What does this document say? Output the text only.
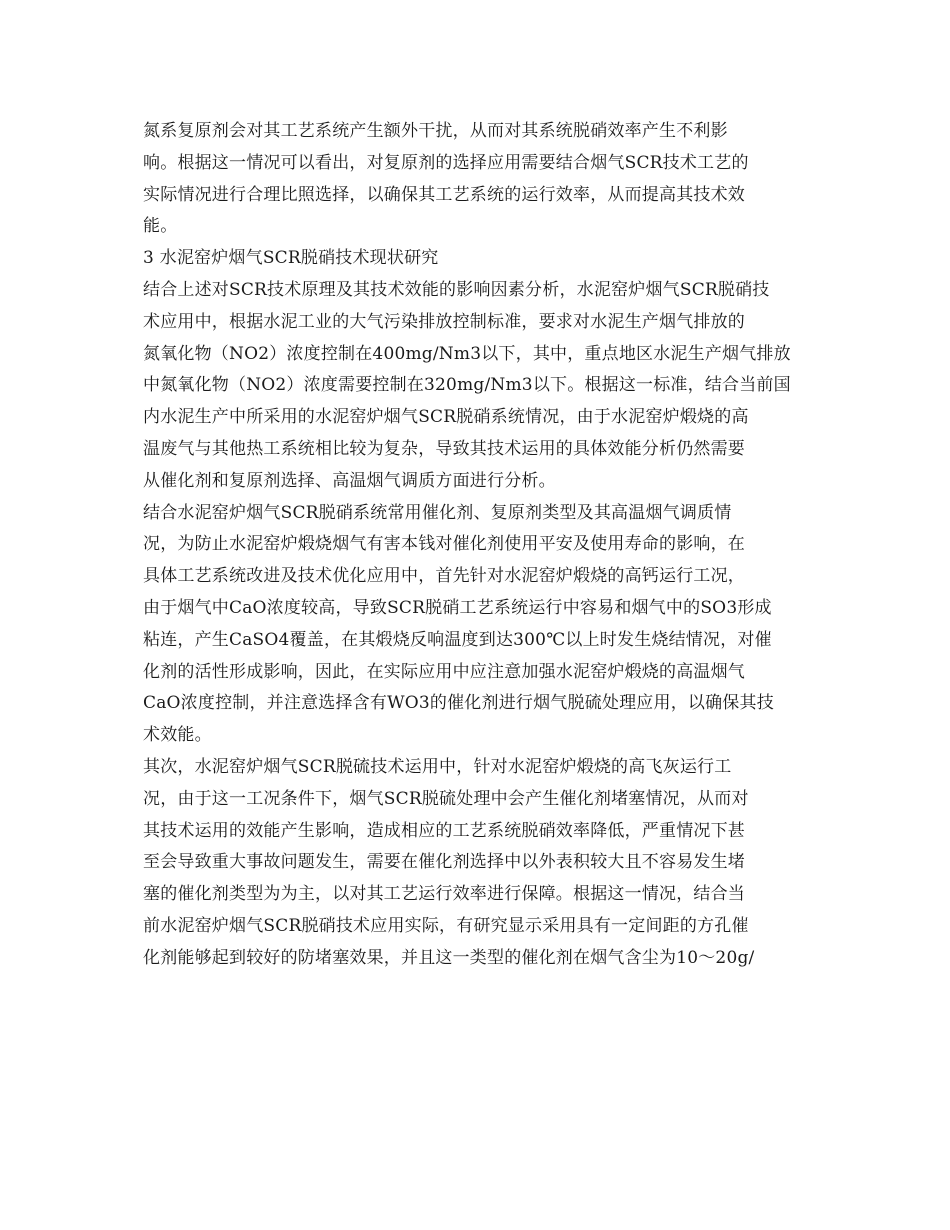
氮系复原剂会对其工艺系统产生额外干扰，从而对其系统脱硝效率产生不利影
响。根据这一情况可以看出，对复原剂的选择应用需要结合烟气SCR技术工艺的
实际情况进行合理比照选择，以确保其工艺系统的运行效率，从而提高其技术效
能。
3 水泥窑炉烟气SCR脱硝技术现状研究
结合上述对SCR技术原理及其技术效能的影响因素分析，水泥窑炉烟气SCR脱硝技
术应用中，根据水泥工业的大气污染排放控制标准，要求对水泥生产烟气排放的
氮氧化物（NO2）浓度控制在400mg/Nm3以下，其中，重点地区水泥生产烟气排放
中氮氧化物（NO2）浓度需要控制在320mg/Nm3以下。根据这一标准，结合当前国
内水泥生产中所采用的水泥窑炉烟气SCR脱硝系统情况，由于水泥窑炉煅烧的高
温废气与其他热工系统相比较为复杂，导致其技术运用的具体效能分析仍然需要
从催化剂和复原剂选择、高温烟气调质方面进行分析。
结合水泥窑炉烟气SCR脱硝系统常用催化剂、复原剂类型及其高温烟气调质情
况，为防止水泥窑炉煅烧烟气有害本钱对催化剂使用平安及使用寿命的影响，在
具体工艺系统改进及技术优化应用中，首先针对水泥窑炉煅烧的高钙运行工况，
由于烟气中CaO浓度较高，导致SCR脱硝工艺系统运行中容易和烟气中的SO3形成
粘连，产生CaSO4覆盖，在其煅烧反响温度到达300℃以上时发生烧结情况，对催
化剂的活性形成影响，因此，在实际应用中应注意加强水泥窑炉煅烧的高温烟气
CaO浓度控制，并注意选择含有WO3的催化剂进行烟气脱硫处理应用，以确保其技
术效能。
其次，水泥窑炉烟气SCR脱硫技术运用中，针对水泥窑炉煅烧的高飞灰运行工
况，由于这一工况条件下，烟气SCR脱硫处理中会产生催化剂堵塞情况，从而对
其技术运用的效能产生影响，造成相应的工艺系统脱硝效率降低，严重情况下甚
至会导致重大事故问题发生，需要在催化剂选择中以外表积较大且不容易发生堵
塞的催化剂类型为为主，以对其工艺运行效率进行保障。根据这一情况，结合当
前水泥窑炉烟气SCR脱硝技术应用实际，有研究显示采用具有一定间距的方孔催
化剂能够起到较好的防堵塞效果，并且这一类型的催化剂在烟气含尘为10～20g/
